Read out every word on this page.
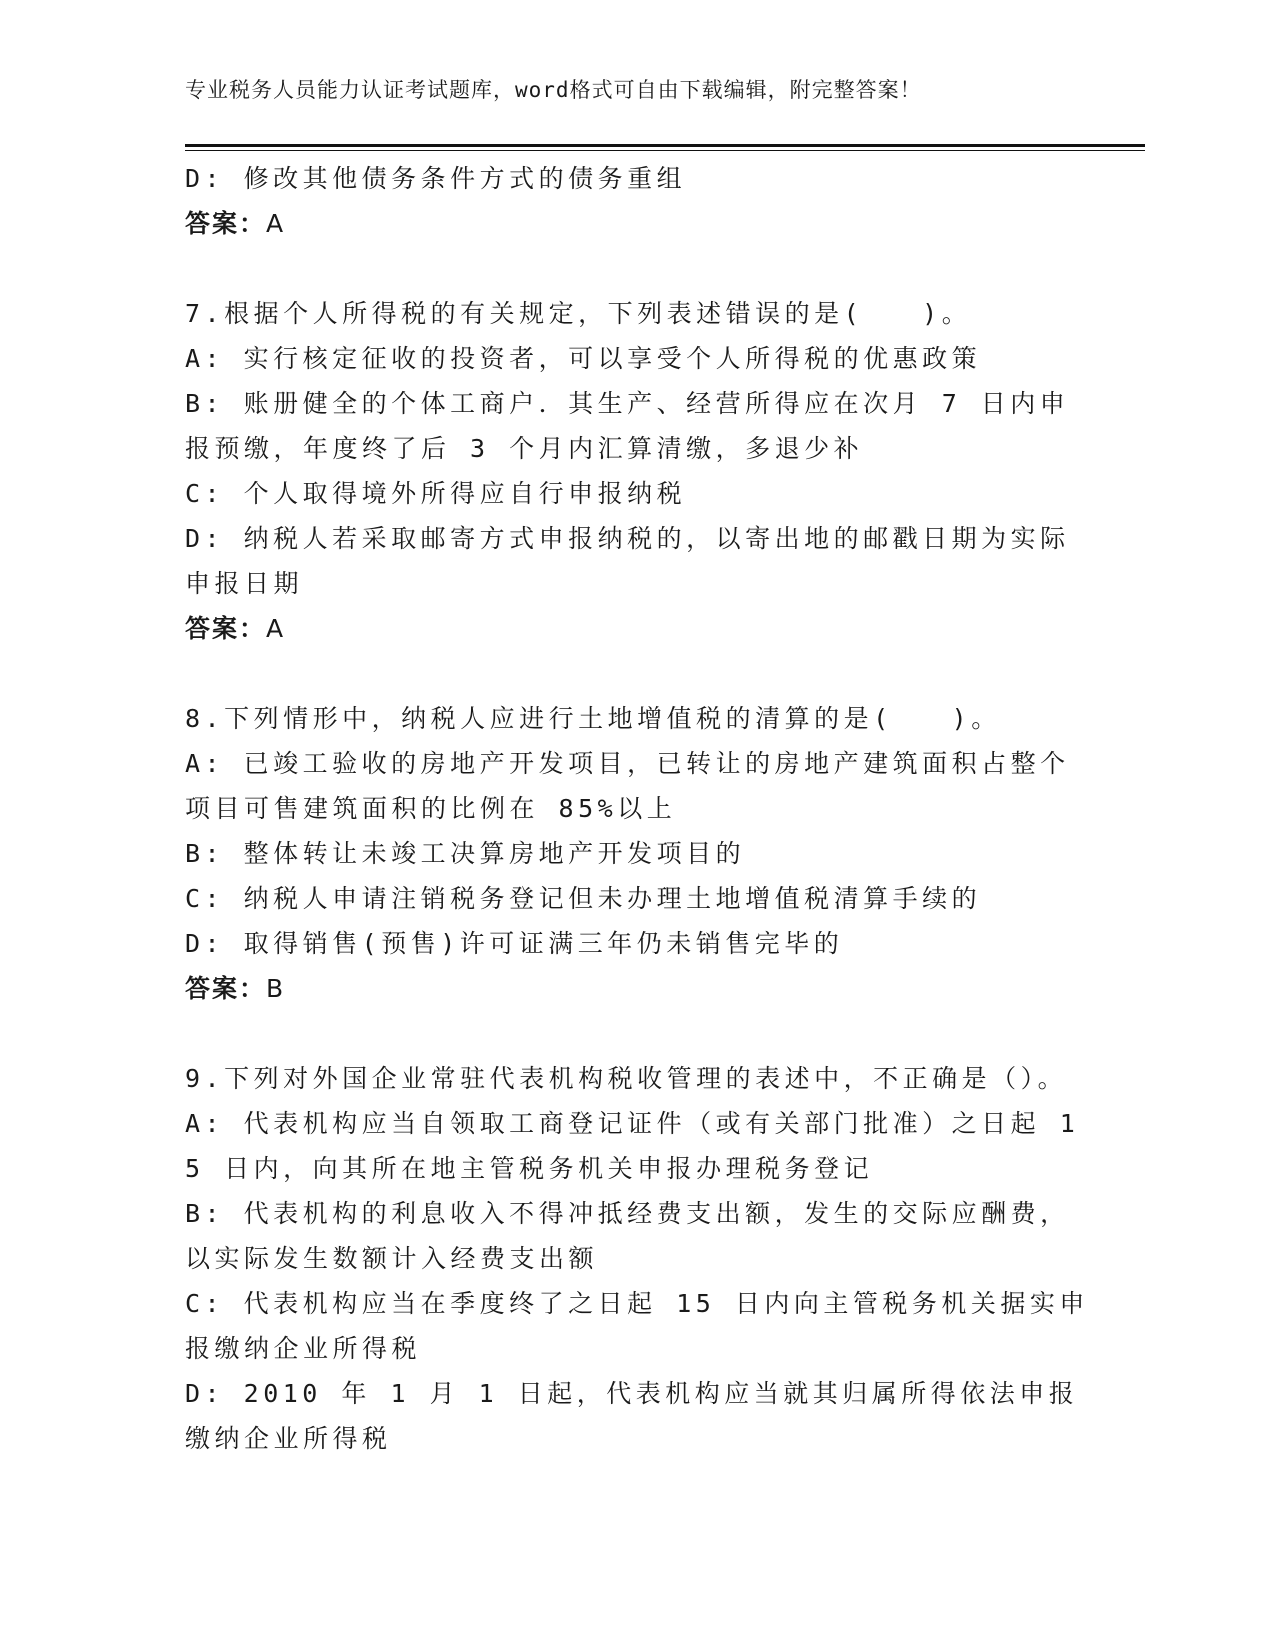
专业税务人员能力认证考试题库，word格式可自由下载编辑，附完整答案！

D: 修改其他债务条件方式的债务重组

答案：A

7.根据个人所得税的有关规定，下列表述错误的是(　　)。

A: 实行核定征收的投资者，可以享受个人所得税的优惠政策

B: 账册健全的个体工商户．其生产、经营所得应在次月 7 日内申报预缴，年度终了后 3 个月内汇算清缴，多退少补

C: 个人取得境外所得应自行申报纳税

D: 纳税人若采取邮寄方式申报纳税的，以寄出地的邮戳日期为实际申报日期

答案：A

8.下列情形中，纳税人应进行土地增值税的清算的是(　　)。

A: 已竣工验收的房地产开发项目，已转让的房地产建筑面积占整个项目可售建筑面积的比例在 85%以上

B: 整体转让未竣工决算房地产开发项目的

C: 纳税人申请注销税务登记但未办理土地增值税清算手续的

D: 取得销售(预售)许可证满三年仍未销售完毕的

答案：B

9.下列对外国企业常驻代表机构税收管理的表述中，不正确是（）。

A: 代表机构应当自领取工商登记证件（或有关部门批准）之日起 15 日内，向其所在地主管税务机关申报办理税务登记

B: 代表机构的利息收入不得冲抵经费支出额，发生的交际应酬费，以实际发生数额计入经费支出额

C: 代表机构应当在季度终了之日起 15 日内向主管税务机关据实申报缴纳企业所得税

D: 2010 年 1 月 1 日起，代表机构应当就其归属所得依法申报缴纳企业所得税
